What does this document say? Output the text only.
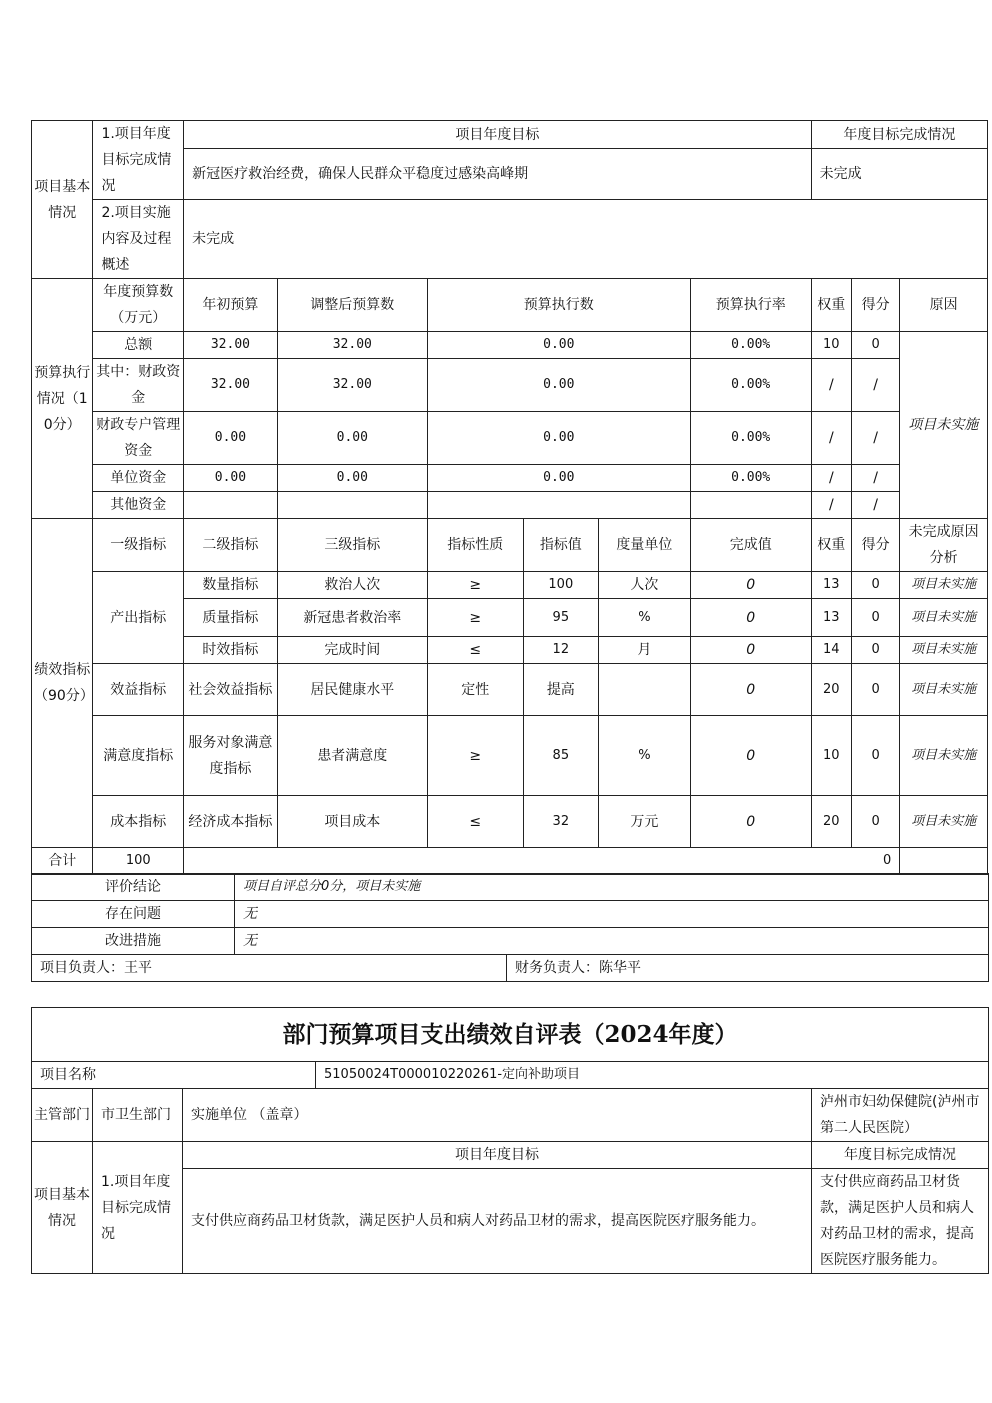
项目基本情况	1.项目年度目标完成情况	项目年度目标						年度目标完成情况		
		新冠医疗救治经费，确保人民群众平稳度过感染高峰期						未完成		
	2.项目实施内容及过程概述	未完成								
预算执行情况（10分）	年度预算数（万元）	年初预算	调整后预算数	预算执行数			预算执行率	权重	得分	原因
	总额	32.00	32.00	0.00			0.00%	10	0	项目未实施
	其中：财政资金	32.00	32.00	0.00			0.00%	/	/	
	财政专户管理资金	0.00	0.00	0.00			0.00%	/	/	
	单位资金	0.00	0.00	0.00			0.00%	/	/	
	其他资金							/	/	
绩效指标（90分）	一级指标	二级指标	三级指标	指标性质	指标值	度量单位	完成值	权重	得分	未完成原因分析
	产出指标	数量指标	救治人次	≥	100	人次	0	13	0	项目未实施
		质量指标	新冠患者救治率	≥	95	%	0	13	0	项目未实施
		时效指标	完成时间	≤	12	月	0	14	0	项目未实施
	效益指标	社会效益指标	居民健康水平	定性	提高		0	20	0	项目未实施
	满意度指标	服务对象满意度指标	患者满意度	≥	85	%	0	10	0	项目未实施
	成本指标	经济成本指标	项目成本	≤	32	万元	0	20	0	项目未实施
合计	100	0								
评价结论	项目自评总分0分，项目未实施	
存在问题	无	
改进措施	无	
项目负责人：王平		财务负责人：陈华平
部门预算项目支出绩效自评表（2024年度）				
项目名称			51050024T000010220261-定向补助项目	
主管部门	市卫生部门	实施单位 （盖章）		泸州市妇幼保健院(泸州市第二人民医院）
项目基本情况	1.项目年度目标完成情况	项目年度目标		年度目标完成情况
		支付供应商药品卫材货款，满足医护人员和病人对药品卫材的需求，提高医院医疗服务能力。		支付供应商药品卫材货款，满足医护人员和病人对药品卫材的需求，提高医院医疗服务能力。
